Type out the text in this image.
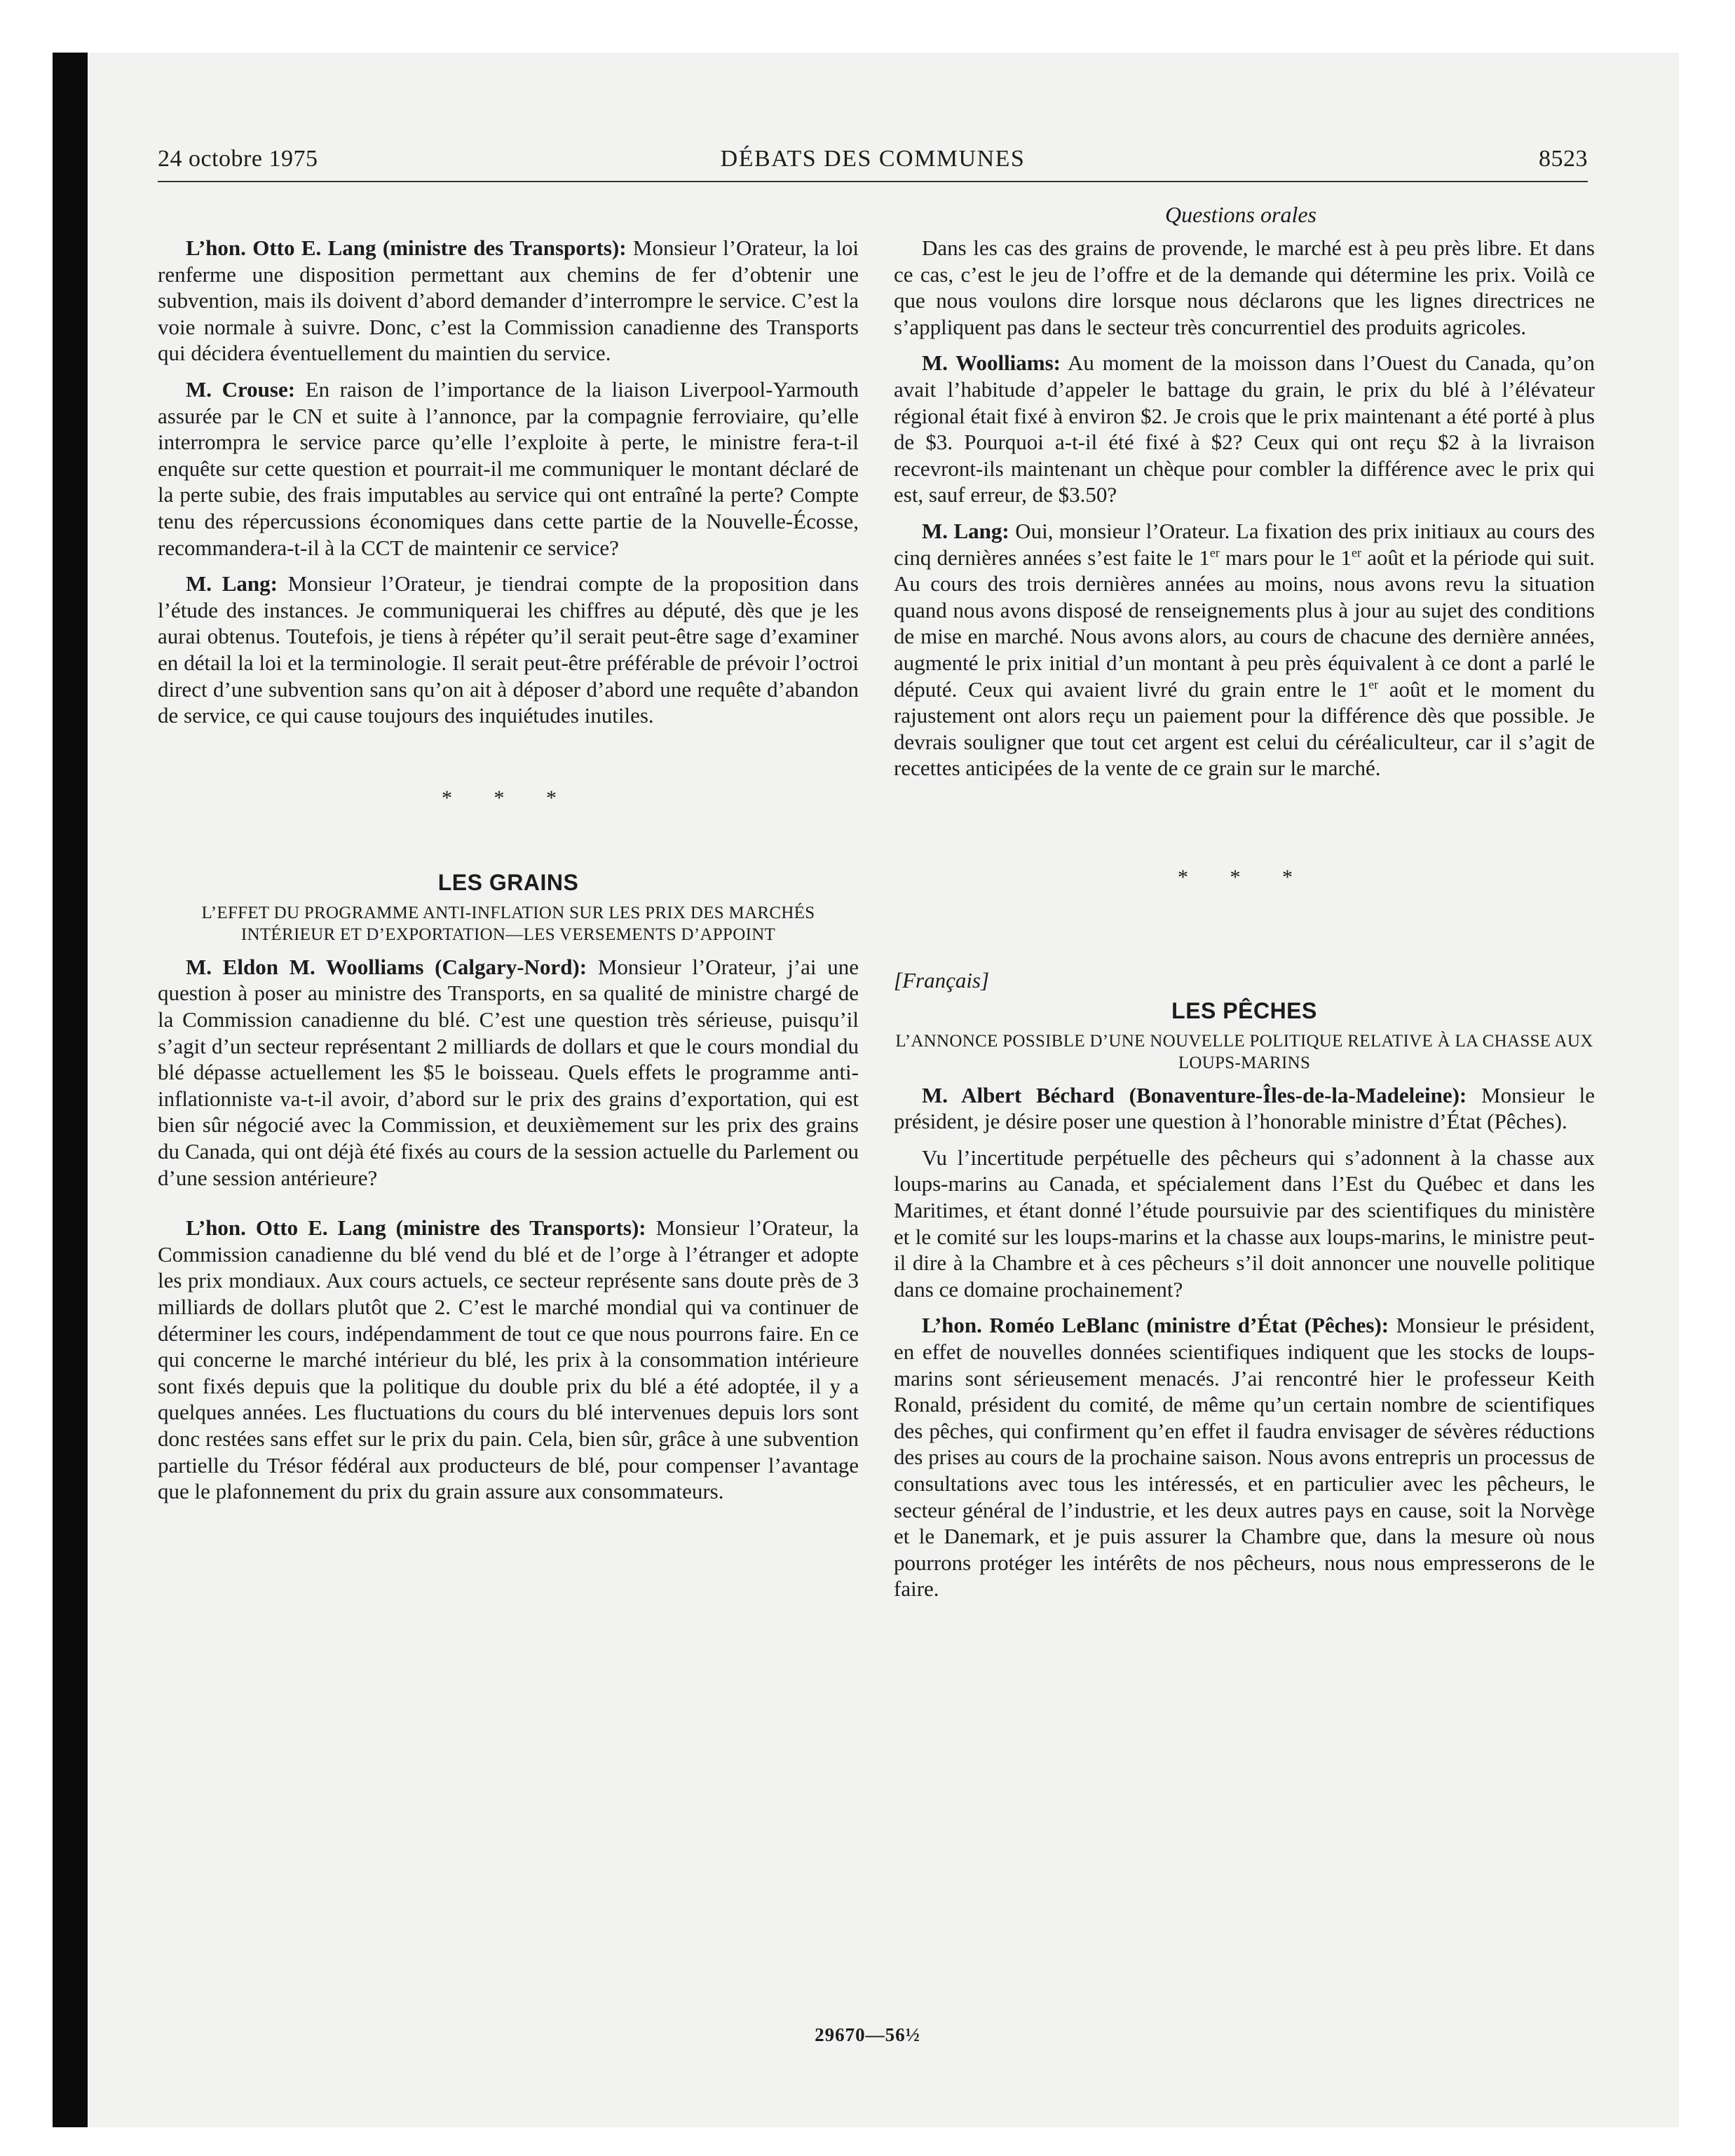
24 octobre 1975	DÉBATS DES COMMUNES	8523
Questions orales

L’hon. Otto E. Lang (ministre des Transports): Monsieur l’Orateur, la loi renferme une disposition permettant aux chemins de fer d’obtenir une subvention, mais ils doivent d’abord demander d’interrompre le service. C’est la voie normale à suivre. Donc, c’est la Commission canadienne des Transports qui décidera éventuellement du maintien du service.

M. Crouse: En raison de l’importance de la liaison Liverpool-Yarmouth assurée par le CN et suite à l’annonce, par la compagnie ferroviaire, qu’elle interrompra le service parce qu’elle l’exploite à perte, le ministre fera-t-il enquête sur cette question et pourrait-il me communiquer le montant déclaré de la perte subie, des frais imputables au service qui ont entraîné la perte? Compte tenu des répercussions économiques dans cette partie de la Nouvelle-Écosse, recommandera-t-il à la CCT de maintenir ce service?

M. Lang: Monsieur l’Orateur, je tiendrai compte de la proposition dans l’étude des instances. Je communiquerai les chiffres au député, dès que je les aurai obtenus. Toutefois, je tiens à répéter qu’il serait peut-être sage d’examiner en détail la loi et la terminologie. Il serait peut-être préférable de prévoir l’octroi direct d’une subvention sans qu’on ait à déposer d’abord une requête d’abandon de service, ce qui cause toujours des inquiétudes inutiles.

* * *
LES GRAINS
L’EFFET DU PROGRAMME ANTI-INFLATION SUR LES PRIX DES MARCHÉS INTÉRIEUR ET D’EXPORTATION—LES VERSEMENTS D’APPOINT

M. Eldon M. Woolliams (Calgary-Nord): Monsieur l’Orateur, j’ai une question à poser au ministre des Transports, en sa qualité de ministre chargé de la Commission canadienne du blé. C’est une question très sérieuse, puisqu’il s’agit d’un secteur représentant 2 milliards de dollars et que le cours mondial du blé dépasse actuellement les $5 le boisseau. Quels effets le programme anti-inflationniste va-t-il avoir, d’abord sur le prix des grains d’exportation, qui est bien sûr négocié avec la Commission, et deuxièmement sur les prix des grains du Canada, qui ont déjà été fixés au cours de la session actuelle du Parlement ou d’une session antérieure?

L’hon. Otto E. Lang (ministre des Transports): Monsieur l’Orateur, la Commission canadienne du blé vend du blé et de l’orge à l’étranger et adopte les prix mondiaux. Aux cours actuels, ce secteur représente sans doute près de 3 milliards de dollars plutôt que 2. C’est le marché mondial qui va continuer de déterminer les cours, indépendamment de tout ce que nous pourrons faire. En ce qui concerne le marché intérieur du blé, les prix à la consommation intérieure sont fixés depuis que la politique du double prix du blé a été adoptée, il y a quelques années. Les fluctuations du cours du blé intervenues depuis lors sont donc restées sans effet sur le prix du pain. Cela, bien sûr, grâce à une subvention partielle du Trésor fédéral aux producteurs de blé, pour compenser l’avantage que le plafonnement du prix du grain assure aux consommateurs.

Dans les cas des grains de provende, le marché est à peu près libre. Et dans ce cas, c’est le jeu de l’offre et de la demande qui détermine les prix. Voilà ce que nous voulons dire lorsque nous déclarons que les lignes directrices ne s’appliquent pas dans le secteur très concurrentiel des produits agricoles.

M. Woolliams: Au moment de la moisson dans l’Ouest du Canada, qu’on avait l’habitude d’appeler le battage du grain, le prix du blé à l’élévateur régional était fixé à environ $2. Je crois que le prix maintenant a été porté à plus de $3. Pourquoi a-t-il été fixé à $2? Ceux qui ont reçu $2 à la livraison recevront-ils maintenant un chèque pour combler la différence avec le prix qui est, sauf erreur, de $3.50?

M. Lang: Oui, monsieur l’Orateur. La fixation des prix initiaux au cours des cinq dernières années s’est faite le 1er mars pour le 1er août et la période qui suit. Au cours des trois dernières années au moins, nous avons revu la situation quand nous avons disposé de renseignements plus à jour au sujet des conditions de mise en marché. Nous avons alors, au cours de chacune des dernière années, augmenté le prix initial d’un montant à peu près équivalent à ce dont a parlé le député. Ceux qui avaient livré du grain entre le 1er août et le moment du rajustement ont alors reçu un paiement pour la différence dès que possible. Je devrais souligner que tout cet argent est celui du céréaliculteur, car il s’agit de recettes anticipées de la vente de ce grain sur le marché.

* * *
[Français]
LES PÊCHES
L’ANNONCE POSSIBLE D’UNE NOUVELLE POLITIQUE RELATIVE À LA CHASSE AUX LOUPS-MARINS

M. Albert Béchard (Bonaventure-Îles-de-la-Madeleine): Monsieur le président, je désire poser une question à l’honorable ministre d’État (Pêches).

Vu l’incertitude perpétuelle des pêcheurs qui s’adonnent à la chasse aux loups-marins au Canada, et spécialement dans l’Est du Québec et dans les Maritimes, et étant donné l’étude poursuivie par des scientifiques du ministère et le comité sur les loups-marins et la chasse aux loups-marins, le ministre peut-il dire à la Chambre et à ces pêcheurs s’il doit annoncer une nouvelle politique dans ce domaine prochainement?

L’hon. Roméo LeBlanc (ministre d’État (Pêches): Monsieur le président, en effet de nouvelles données scientifiques indiquent que les stocks de loups-marins sont sérieusement menacés. J’ai rencontré hier le professeur Keith Ronald, président du comité, de même qu’un certain nombre de scientifiques des pêches, qui confirment qu’en effet il faudra envisager de sévères réductions des prises au cours de la prochaine saison. Nous avons entrepris un processus de consultations avec tous les intéressés, et en particulier avec les pêcheurs, le secteur général de l’industrie, et les deux autres pays en cause, soit la Norvège et le Danemark, et je puis assurer la Chambre que, dans la mesure où nous pourrons protéger les intérêts de nos pêcheurs, nous nous empresserons de le faire.

29670—56½
